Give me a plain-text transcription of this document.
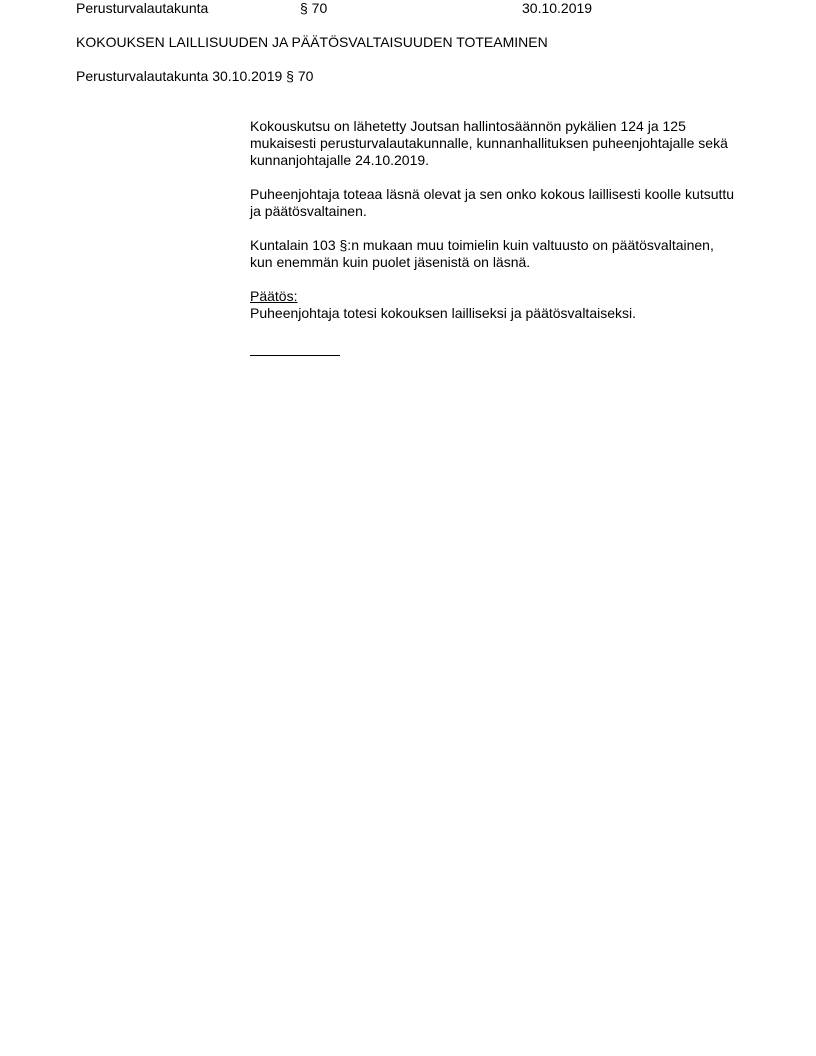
Perusturvalautakunta	§ 70	30.10.2019
KOKOUKSEN LAILLISUUDEN JA PÄÄTÖSVALTAISUUDEN TOTEAMINEN
Perusturvalautakunta 30.10.2019 § 70

Kokouskutsu on lähetetty Joutsan hallintosäännön pykälien 124 ja 125 mukaisesti perusturvalautakunnalle, kunnanhallituksen puheenjohtajalle sekä kunnanjohtajalle 24.10.2019.

Puheenjohtaja toteaa läsnä olevat ja sen onko kokous laillisesti koolle kutsuttu ja päätösvaltainen.

Kuntalain 103 §:n mukaan muu toimielin kuin valtuusto on päätösvaltainen, kun enemmän kuin puolet jäsenistä on läsnä.

Päätös:
Puheenjohtaja totesi kokouksen lailliseksi ja päätösvaltaiseksi.
